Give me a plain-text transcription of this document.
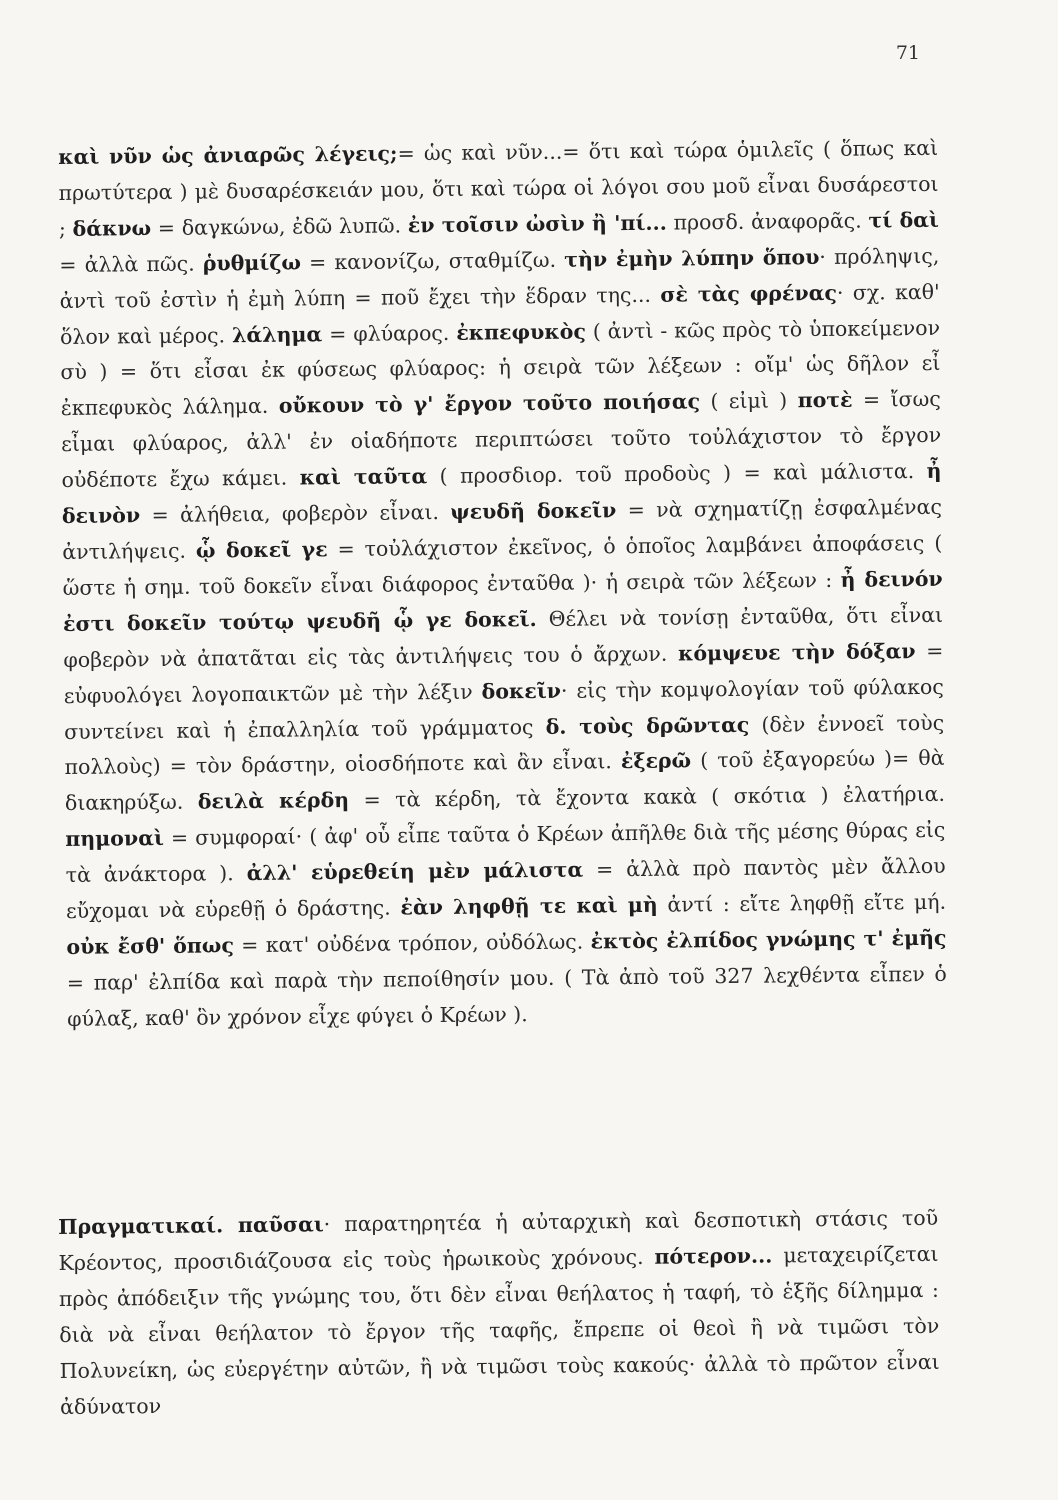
71
καὶ νῦν ὡς ἀνιαρῶς λέγεις;= ὡς καὶ νῦν...= ὅτι καὶ τώρα ὁμιλεῖς ( ὅπως καὶ πρωτύτερα ) μὲ δυσαρέσκειάν μου, ὅτι καὶ τώρα οἱ λόγοι σου μοῦ εἶναι δυσάρεστοι ; δάκνω = δαγκώνω, ἐδῶ λυπῶ. ἐν τοῖσιν ὠσὶν ἢ 'πί... προσδ. ἀναφορᾶς. τί δαὶ = ἀλλὰ πῶς. ῥυθμίζω = κανονίζω, σταθμίζω. τὴν ἐμὴν λύπην ὅπου· πρόληψις, ἀντὶ τοῦ ἐστὶν ἡ ἐμὴ λύπη = ποῦ ἔχει τὴν ἕδραν της... σὲ τὰς φρένας· σχ. καθ' ὅλον καὶ μέρος. λάλημα = φλύαρος. ἐκπεφυκὸς ( ἀντὶ - κῶς πρὸς τὸ ὑποκείμενον σὺ ) = ὅτι εἶσαι ἐκ φύσεως φλύαρος: ἡ σειρὰ τῶν λέξεων : οἴμ' ὡς δῆλον εἶ ἐκπεφυκὸς λάλημα. οὔκουν τὸ γ' ἔργον τοῦτο ποιήσας ( εἰμὶ ) ποτὲ = ἴσως εἶμαι φλύαρος, ἀλλ' ἐν οἱαδήποτε περιπτώσει τοῦτο τοὐλάχιστον τὸ ἔργον οὐδέποτε ἔχω κάμει. καὶ ταῦτα ( προσδιορ. τοῦ προδοὺς ) = καὶ μάλιστα. ἦ δεινὸν = ἀλήθεια, φοβερὸν εἶναι. ψευδῆ δοκεῖν = νὰ σχηματίζῃ ἐσφαλμένας ἀντιλήψεις. ᾧ δοκεῖ γε = τοὐλάχιστον ἐκεῖνος, ὁ ὁποῖος λαμβάνει ἀποφάσεις ( ὥστε ἡ σημ. τοῦ δοκεῖν εἶναι διάφορος ἐνταῦθα )· ἡ σειρὰ τῶν λέξεων : ἦ δεινόν ἐστι δοκεῖν τούτῳ ψευδῆ ᾧ γε δοκεῖ. Θέλει νὰ τονίσῃ ἐνταῦθα, ὅτι εἶναι φοβερὸν νὰ ἀπατᾶται εἰς τὰς ἀντιλήψεις του ὁ ἄρχων. κόμψευε τὴν δόξαν = εὐφυολόγει λογοπαικτῶν μὲ τὴν λέξιν δοκεῖν· εἰς τὴν κομψολογίαν τοῦ φύλακος συντείνει καὶ ἡ ἐπαλληλία τοῦ γράμματος δ. τοὺς δρῶντας (δὲν ἐννοεῖ τοὺς πολλοὺς) = τὸν δράστην, οἱοσδήποτε καὶ ἂν εἶναι. ἐξερῶ ( τοῦ ἐξαγορεύω )= θὰ διακηρύξω. δειλὰ κέρδη = τὰ κέρδη, τὰ ἔχοντα κακὰ ( σκότια ) ἐλατήρια. πημοναὶ = συμφοραί· ( ἀφ' οὗ εἶπε ταῦτα ὁ Κρέων ἀπῆλθε διὰ τῆς μέσης θύρας εἰς τὰ ἀνάκτορα ). ἀλλ' εὑρεθείη μὲν μάλιστα = ἀλλὰ πρὸ παντὸς μὲν ἄλλου εὔχομαι νὰ εὑρεθῇ ὁ δράστης. ἐὰν ληφθῇ τε καὶ μὴ ἀντί : εἴτε ληφθῇ εἴτε μή. οὐκ ἔσθ' ὅπως = κατ' οὐδένα τρόπον, οὐδόλως. ἐκτὸς ἐλπίδος γνώμης τ' ἐμῆς = παρ' ἐλπίδα καὶ παρὰ τὴν πεποίθησίν μου. ( Τὰ ἀπὸ τοῦ 327 λεχθέντα εἶπεν ὁ φύλαξ, καθ' ὃν χρόνον εἶχε φύγει ὁ Κρέων ).
Πραγματικαί. παῦσαι· παρατηρητέα ἡ αὐταρχικὴ καὶ δεσποτικὴ στάσις τοῦ Κρέοντος, προσιδιάζουσα εἰς τοὺς ἡρωικοὺς χρόνους. πότερον... μεταχειρίζεται πρὸς ἀπόδειξιν τῆς γνώμης του, ὅτι δὲν εἶναι θεήλατος ἡ ταφή, τὸ ἑξῆς δίλημμα : διὰ νὰ εἶναι θεήλατον τὸ ἔργον τῆς ταφῆς, ἔπρεπε οἱ θεοὶ ἢ νὰ τιμῶσι τὸν Πολυνείκη, ὡς εὐεργέτην αὐτῶν, ἢ νὰ τιμῶσι τοὺς κακούς· ἀλλὰ τὸ πρῶτον εἶναι ἀδύνατον
